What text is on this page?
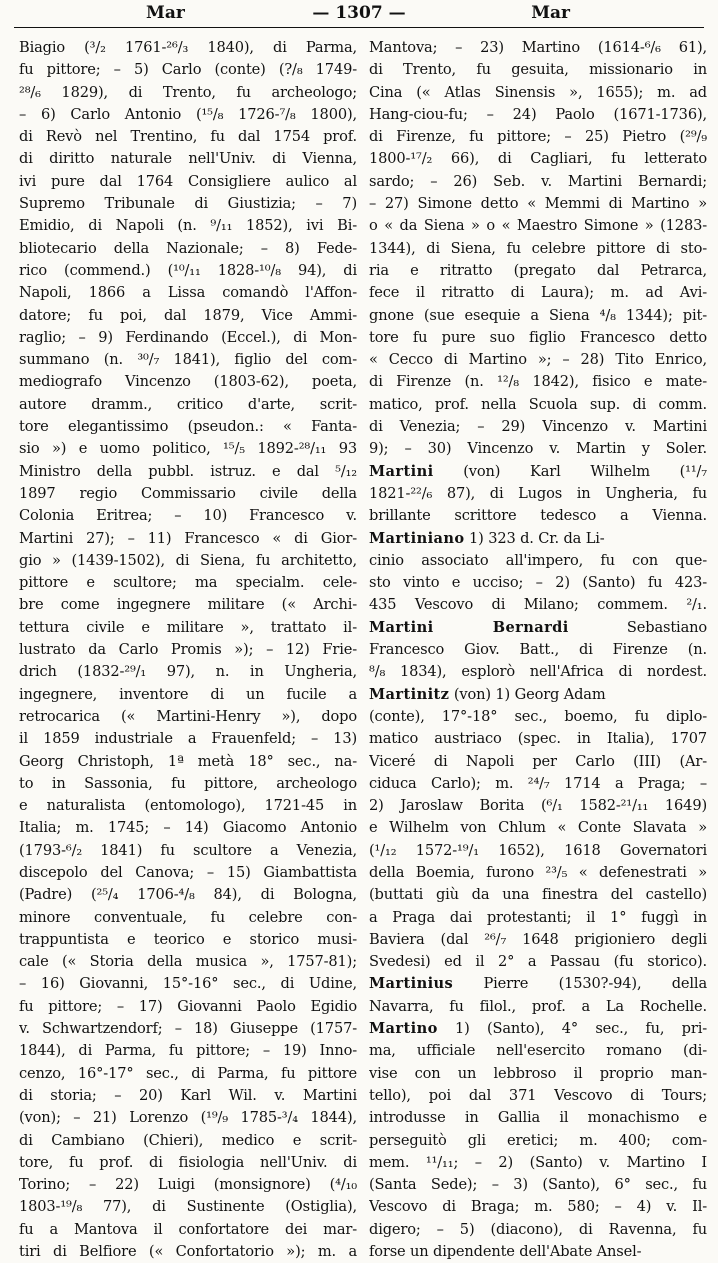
Mar	— 1307 —	Mar
Biagio (³/₂ 1761-²⁶/₃ 1840), di Parma,
fu pittore; – 5) Carlo (conte) (?/₈ 1749-
²⁸/₆ 1829), di Trento, fu archeologo;
– 6) Carlo Antonio (¹⁵/₈ 1726-⁷/₈ 1800),
di Revò nel Trentino, fu dal 1754 prof.
di diritto naturale nell'Univ. di Vienna,
ivi pure dal 1764 Consigliere aulico al
Supremo Tribunale di Giustizia; – 7)
Emidio, di Napoli (n. ⁹/₁₁ 1852), ivi Bi-
bliotecario della Nazionale; – 8) Fede-
rico (commend.) (¹⁰/₁₁ 1828-¹⁰/₈ 94), di
Napoli, 1866 a Lissa comandò l'Affon-
datore; fu poi, dal 1879, Vice Ammi-
raglio; – 9) Ferdinando (Eccel.), di Mon-
summano (n. ³⁰/₇ 1841), figlio del com-
mediografo Vincenzo (1803-62), poeta,
autore dramm., critico d'arte, scrit-
tore elegantissimo (pseudon.: « Fanta-
sio ») e uomo politico, ¹⁵/₅ 1892-²⁸/₁₁ 93
Ministro della pubbl. istruz. e dal ⁵/₁₂
1897 regio Commissario civile della
Colonia Eritrea; – 10) Francesco v.
Martini 27); – 11) Francesco « di Gior-
gio » (1439-1502), di Siena, fu architetto,
pittore e scultore; ma specialm. cele-
bre come ingegnere militare (« Archi-
tettura civile e militare », trattato il-
lustrato da Carlo Promis »); – 12) Frie-
drich (1832-²⁹/₁ 97), n. in Ungheria,
ingegnere, inventore di un fucile a
retrocarica (« Martini-Henry »), dopo
il 1859 industriale a Frauenfeld; – 13)
Georg Christoph, 1ª metà 18° sec., na-
to in Sassonia, fu pittore, archeologo
e naturalista (entomologo), 1721-45 in
Italia; m. 1745; – 14) Giacomo Antonio
(1793-⁶/₂ 1841) fu scultore a Venezia,
discepolo del Canova; – 15) Giambattista
(Padre) (²⁵/₄ 1706-⁴/₈ 84), di Bologna,
minore conventuale, fu celebre con-
trappuntista e teorico e storico musi-
cale (« Storia della musica », 1757-81);
– 16) Giovanni, 15°-16° sec., di Udine,
fu pittore; – 17) Giovanni Paolo Egidio
v. Schwartzendorf; – 18) Giuseppe (1757-
1844), di Parma, fu pittore; – 19) Inno-
cenzo, 16°-17° sec., di Parma, fu pittore
di storia; – 20) Karl Wil. v. Martini
(von); – 21) Lorenzo (¹⁹/₉ 1785-³/₄ 1844),
di Cambiano (Chieri), medico e scrit-
tore, fu prof. di fisiologia nell'Univ. di
Torino; – 22) Luigi (monsignore) (⁴/₁₀
1803-¹⁹/₈ 77), di Sustinente (Ostiglia),
fu a Mantova il confortatore dei mar-
tiri di Belfiore (« Confortatorio »); m. a
Mantova; – 23) Martino (1614-⁶/₆ 61),
di Trento, fu gesuita, missionario in
Cina (« Atlas Sinensis », 1655); m. ad
Hang-ciou-fu; – 24) Paolo (1671-1736),
di Firenze, fu pittore; – 25) Pietro (²⁹/₉
1800-¹⁷/₂ 66), di Cagliari, fu letterato
sardo; – 26) Seb. v. Martini Bernardi;
– 27) Simone detto « Memmi di Martino »
o « da Siena » o « Maestro Simone » (1283-
1344), di Siena, fu celebre pittore di sto-
ria e ritratto (pregato dal Petrarca,
fece il ritratto di Laura); m. ad Avi-
gnone (sue esequie a Siena ⁴/₈ 1344); pit-
tore fu pure suo figlio Francesco detto
« Cecco di Martino »; – 28) Tito Enrico,
di Firenze (n. ¹²/₈ 1842), fisico e mate-
matico, prof. nella Scuola sup. di comm.
di Venezia; – 29) Vincenzo v. Martini
9); – 30) Vincenzo v. Martin y Soler.
Martini (von) Karl Wilhelm (¹¹/₇
1821-²²/₆ 87), di Lugos in Ungheria, fu
brillante scrittore tedesco a Vienna.
Martiniano 1) 323 d. Cr. da Li-
cinio associato all'impero, fu con que-
sto vinto e ucciso; – 2) (Santo) fu 423-
435 Vescovo di Milano; commem. ²/₁.
Martini Bernardi Sebastiano
Francesco Giov. Batt., di Firenze (n.
⁸/₈ 1834), esplorò nell'Africa di nordest.
Martinitz (von) 1) Georg Adam
(conte), 17°-18° sec., boemo, fu diplo-
matico austriaco (spec. in Italia), 1707
Viceré di Napoli per Carlo (III) (Ar-
ciduca Carlo); m. ²⁴/₇ 1714 a Praga; –
2) Jaroslaw Borita (⁶/₁ 1582-²¹/₁₁ 1649)
e Wilhelm von Chlum « Conte Slavata »
(¹/₁₂ 1572-¹⁹/₁ 1652), 1618 Governatori
della Boemia, furono ²³/₅ « defenestrati »
(buttati giù da una finestra del castello)
a Praga dai protestanti; il 1° fuggì in
Baviera (dal ²⁶/₇ 1648 prigioniero degli
Svedesi) ed il 2° a Passau (fu storico).
Martinius Pierre (1530?-94), della
Navarra, fu filol., prof. a La Rochelle.
Martino 1) (Santo), 4° sec., fu, pri-
ma, ufficiale nell'esercito romano (di-
vise con un lebbroso il proprio man-
tello), poi dal 371 Vescovo di Tours;
introdusse in Gallia il monachismo e
perseguitò gli eretici; m. 400; com-
mem. ¹¹/₁₁; – 2) (Santo) v. Martino I
(Santa Sede); – 3) (Santo), 6° sec., fu
Vescovo di Braga; m. 580; – 4) v. Il-
digero; – 5) (diacono), di Ravenna, fu
forse un dipendente dell'Abate Ansel-
